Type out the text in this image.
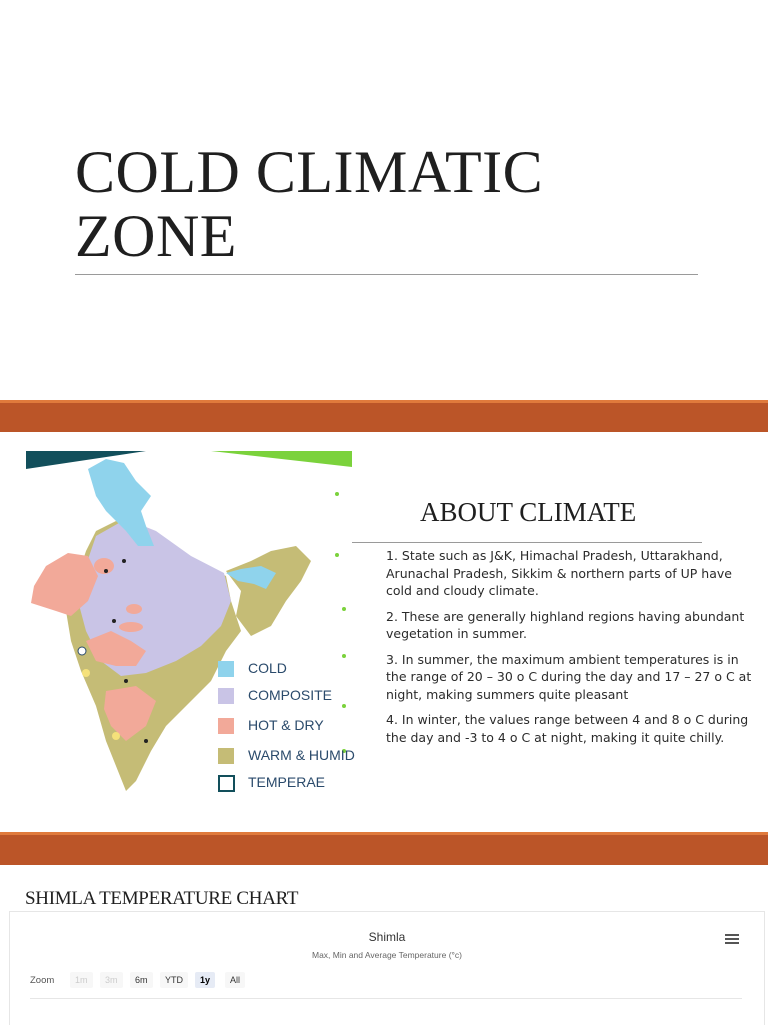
COLD CLIMATIC ZONE
COLD
COMPOSITE
HOT & DRY
WARM & HUMID
TEMPERAE
ABOUT CLIMATE

1. State such as J&K, Himachal Pradesh, Uttarakhand, Arunachal Pradesh, Sikkim & northern parts of UP have cold and cloudy climate.

2. These are generally highland regions having abundant vegetation in summer.

3. In summer, the maximum ambient temperatures is in the range of 20 – 30 o C during the day and 17 – 27 o C at night, making summers quite pleasant

4. In winter, the values range between 4 and 8 o C during the day and -3 to 4 o C at night, making it quite chilly.

SHIMLA TEMPERATURE CHART
Shimla
Max, Min and Average Temperature (°c)
Zoom	1m	3m	6m	YTD	1y	All
